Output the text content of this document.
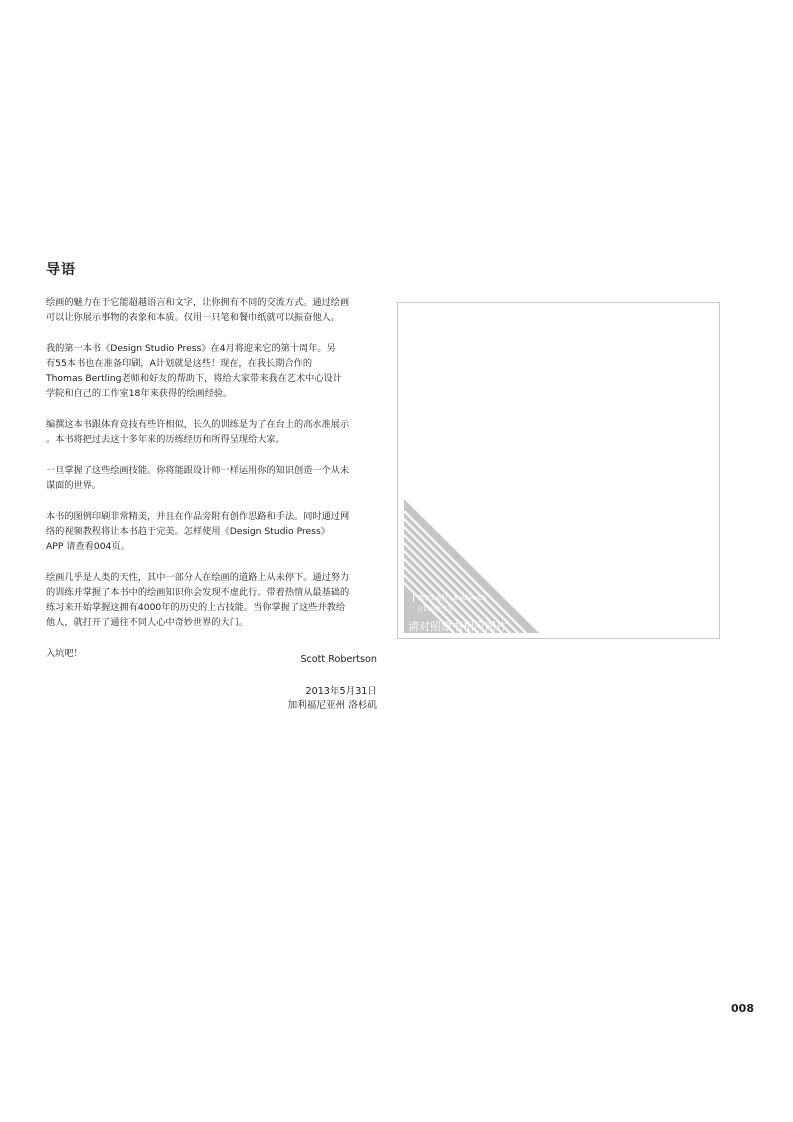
导语

绘画的魅力在于它能超越语言和文字，让你拥有不同的交流方式。通过绘画
可以让你展示事物的表象和本质。仅用一只笔和餐巾纸就可以振奋他人。

我的第一本书《Design Studio Press》在4月将迎来它的第十周年。另
有55本书也在准备印刷，A计划就是这些！现在，在我长期合作的
Thomas Bertling老师和好友的帮助下，将给大家带来我在艺术中心设计
学院和自己的工作室18年来获得的绘画经验。

编撰这本书跟体育竞技有些许相似，长久的训练是为了在台上的高水准展示
。本书将把过去这十多年来的历练经历和所得呈现给大家。

一旦掌握了这些绘画技能。你将能跟设计师一样运用你的知识创造一个从未
谋面的世界。

本书的图例印刷非常精美，并且在作品旁附有创作思路和手法。同时通过网
络的视频教程将让本书趋于完美。怎样使用《Design Studio Press》
APP 请查看004页。

绘画几乎是人类的天性，其中一部分人在绘画的道路上从未停下。通过努力
的训练并掌握了本书中的绘画知识你会发现不虚此行。带着热情从最基础的
练习来开始掌握这拥有4000年的历史的上古技能。当你掌握了这些并教给
他人，就打开了通往不同人心中奇妙世界的大门。

入坑吧！

Scott Robertson
2013年5月31日
加利福尼亚州 洛杉矶
微信公众号：MedlineCG
仅供内部学习
请对照原书相应图片
008
